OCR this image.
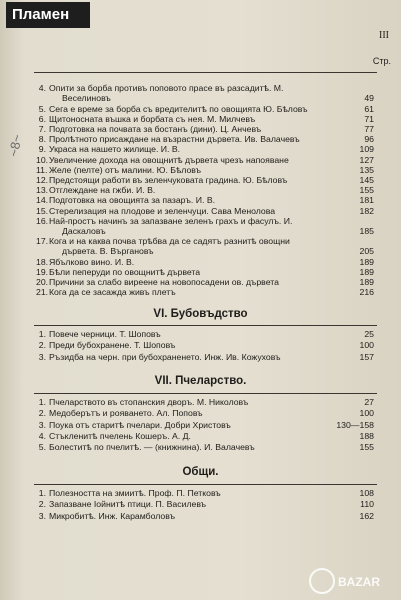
Пламен
III
Стр.
~8~
4. Опити за борба противъ поповото прасе въ разсадитѣ. М.
Веселиновъ	49
5. Сега е време за борба съ вредителитѣ по овощията Ю. Бѣловъ	61
6. Щитоносната въшка и борбата съ нея. М. Милчевъ	71
7. Подготовка на почвата за бостанъ (дини). Ц. Анчевъ	77
8. Пролѣтното присаждане на възрастни дървета. Ив. Валачевъ	96
9. Украса на нашето жилище. И. В.	109
10.Увеличение дохода на овощнитѣ дървета чрезъ напояване	127
11. Желе (пелте) отъ малини. Ю. Бѣловъ	135
12.Предстоящи работи въ зеленчуковата градина. Ю. Бѣловъ	145
13.Отглеждане на гжби. И. В.	155
14.Подготовка на овощията за пазаръ. И. В.	181
15.Стерелизация на плодове и зеленчуци. Сава Менолова	182
16.Най-простъ начинъ за запазване зеленъ грахъ и фасулъ. И.
Даскаловъ	185
17.Кога и на каква почва трѣбва да се садятъ разнитѣ овощни
дървета. В. Въргановъ	205
18.Ябълково вино. И. В.	189
19.Бѣли пеперуди по овощнитѣ дървета	189
20.Причини за слабо виреене на новопосадени ов. дървета	189
21.Кога да се засажда живъ плетъ	216
1. Повече черници. Т. Шоповъ	25
2. Преди бубохранене. Т. Шоповъ	100
3. Ръзидба на черн. при бубохраненето. Инж. Ив. Кожуховъ	157
1. Пчеларството въ стопанския дворъ. М. Николовъ	27
2. Медоберътъ и рояването. Ал. Поповъ	100
3. Поука отъ старитѣ пчелари. Добри Христовъ	130—158
4. Стъкленитѣ пчелень Кошеръ. А. Д.	188
5. Болеститѣ по пчелитѣ. — (книжнина). И. Валачевъ	155
1. Полезността на змиитѣ. Проф. П. Петковъ	108
2. Запазване Ioйнитѣ птици. П. Василевъ	110
3. Микробитѣ. Инж. Карамболовъ	162
VI. Бубовъдство
VII. Пчеларство.
Общи.
BAZAR
